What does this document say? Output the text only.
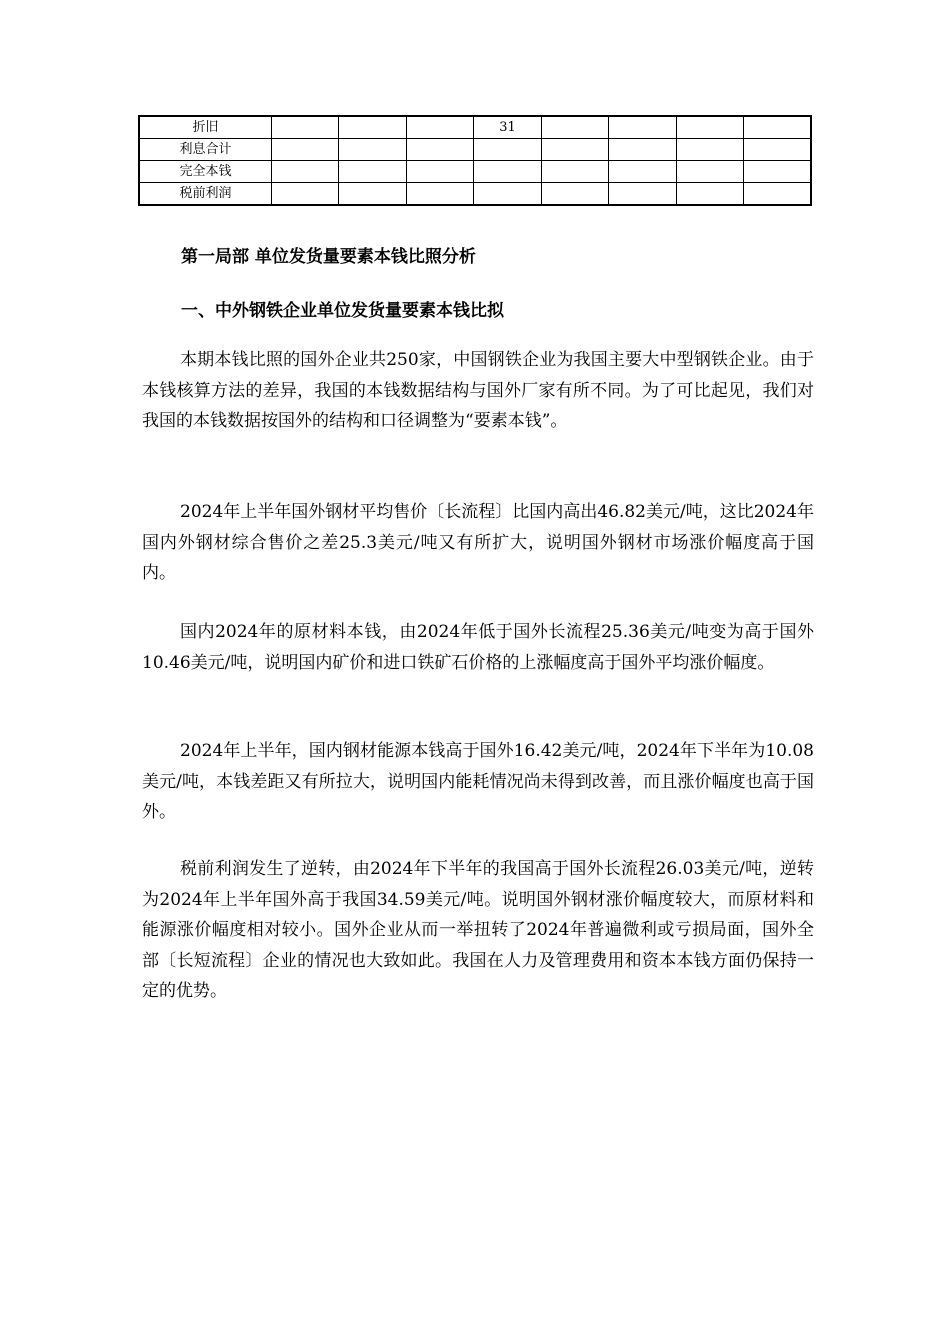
折旧				31				
利息合计								
完全本钱								
税前利润								
第一局部 单位发货量要素本钱比照分析
一、中外钢铁企业单位发货量要素本钱比拟

本期本钱比照的国外企业共250家，中国钢铁企业为我国主要大中型钢铁企业。由于本钱核算方法的差异，我国的本钱数据结构与国外厂家有所不同。为了可比起见，我们对我国的本钱数据按国外的结构和口径调整为“要素本钱”。

2024年上半年国外钢材平均售价〔长流程〕比国内高出46.82美元/吨，这比2024年国内外钢材综合售价之差25.3美元/吨又有所扩大，说明国外钢材市场涨价幅度高于国内。

国内2024年的原材料本钱，由2024年低于国外长流程25.36美元/吨变为高于国外10.46美元/吨，说明国内矿价和进口铁矿石价格的上涨幅度高于国外平均涨价幅度。

2024年上半年，国内钢材能源本钱高于国外16.42美元/吨，2024年下半年为10.08美元/吨，本钱差距又有所拉大，说明国内能耗情况尚未得到改善，而且涨价幅度也高于国外。

税前利润发生了逆转，由2024年下半年的我国高于国外长流程26.03美元/吨，逆转为2024年上半年国外高于我国34.59美元/吨。说明国外钢材涨价幅度较大，而原材料和能源涨价幅度相对较小。国外企业从而一举扭转了2024年普遍微利或亏损局面，国外全部〔长短流程〕企业的情况也大致如此。我国在人力及管理费用和资本本钱方面仍保持一定的优势。
